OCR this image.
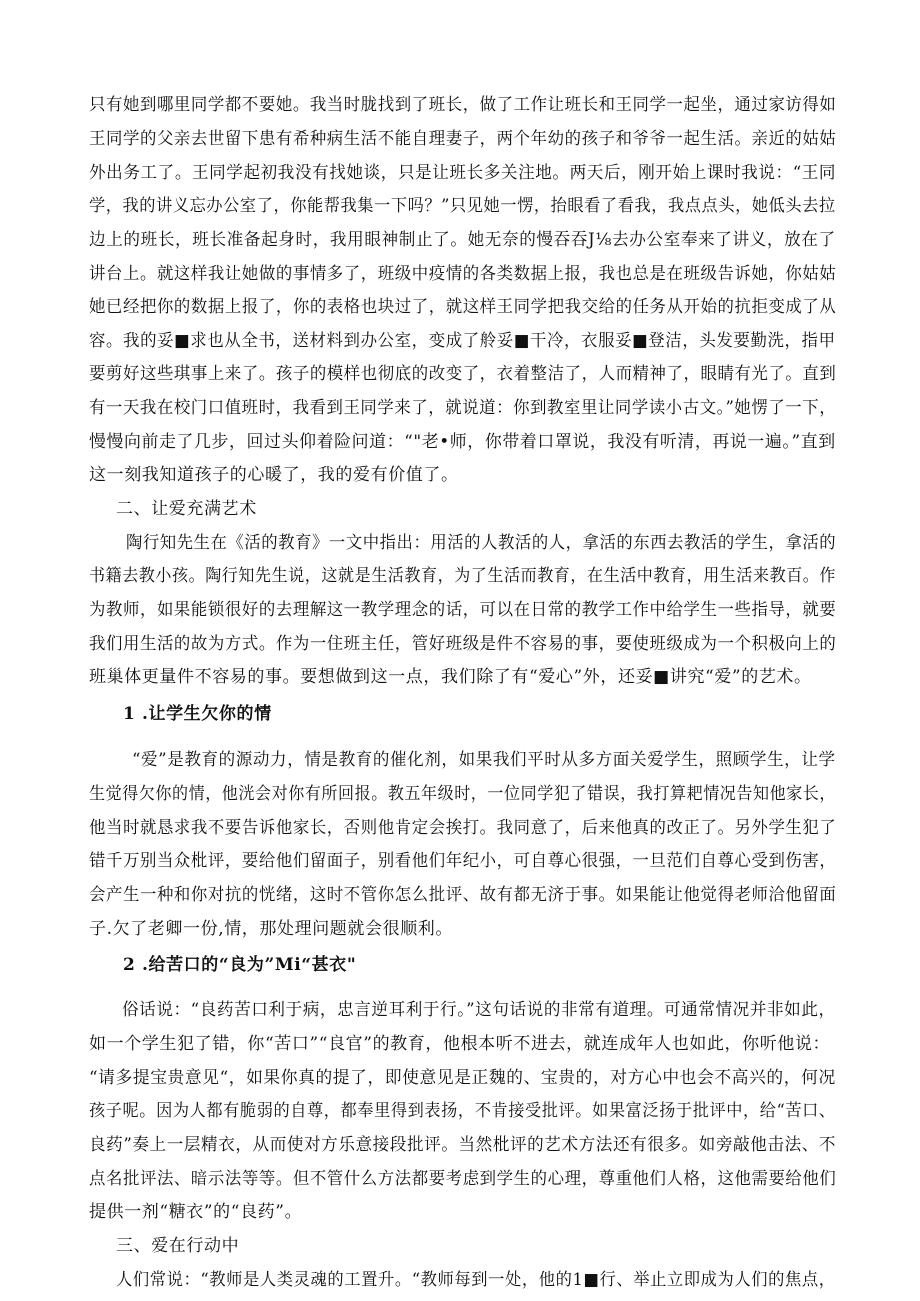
只有她到哪里同学都不要她。我当时胧找到了班长，做了工作让班长和王同学一起坐，通过家访得如
王同学的父亲去世留下患有希种病生活不能自理妻子，两个年幼的孩子和爷爷一起生活。亲近的姑姑
外出务工了。王同学起初我没有找她谈，只是让班长多关注地。两天后，刚开始上课时我说：“王同
学，我的讲义忘办公室了，你能帮我集一下吗？”只见她一愣，抬眼看了看我，我点点头，她低头去拉
边上的班长，班长准备起身时，我用眼神制止了。她无奈的慢吞吞J⅛去办公室奉来了讲义，放在了
讲台上。就这样我让她做的事情多了，班级中疫情的各类数据上报，我也总是在班级告诉她，你姑姑
她已经把你的数据上报了，你的表格也块过了，就这样王同学把我交给的任务从开始的抗拒变成了从
容。我的妥■求也从全书，送材料到办公室，变成了舲妥■干冷，衣服妥■登洁，头发要勤洗，指甲
要剪好这些琪事上来了。孩子的模样也彻底的改变了，衣着整洁了，人而精神了，眼睛有光了。直到
有一天我在校门口值班时，我看到王同学来了，就说道：你到教室里让同学读小古文。”她愣了一下，
慢慢向前走了几步，回过头仰着险问道：“"老•师，你带着口罩说，我没有听清，再说一遍。”直到
这一刻我知道孩子的心暖了，我的爱有价值了。
二、让爱充满艺术
陶行知先生在《活的教育》一文中指出：用活的人教活的人，拿活的东西去教活的学生，拿活的
书籍去教小孩。陶行知先生说，这就是生活教育，为了生活而教育，在生活中教育，用生活来教百。作
为教师，如果能锁很好的去理解这一教学理念的话，可以在日常的教学工作中给学生一些指导，就要
我们用生活的故为方式。作为一住班主任，管好班级是件不容易的事，要使班级成为一个积极向上的
班巢体更量件不容易的事。要想做到这一点，我们除了有“爱心”外，还妥■讲究“爱”的艺术。
1 .让学生欠你的情
“爱”是教育的源动力，情是教育的催化剂，如果我们平时从多方面关爱学生，照顾学生，让学
生觉得欠你的情，他洸会对你有所回报。教五年级时，一位同学犯了错误，我打算耙情况告知他家长，
他当时就恳求我不要告诉他家长，否则他肯定会挨打。我同意了，后来他真的改正了。另外学生犯了
错千万别当众枇评，要给他们留面子，别看他们年纪小，可自尊心很强，一旦范们自尊心受到伤害，
会产生一种和你对抗的恍绪，这时不管你怎么批评、故有都无济于事。如果能让他觉得老师洽他留面
子.欠了老卿一份,情，那处理问题就会很顺利。
2 .给苦口的“良为”Mi“甚衣"
俗话说：“良药苦口利于病，忠言逆耳利于行。”这句话说的非常有道理。可通常情况并非如此，
如一个学生犯了错，你“苦口”“良官”的教育，他根本听不进去，就连成年人也如此，你听他说：
“请多提宝贵意见“，如果你真的提了，即使意见是正魏的、宝贵的，对方心中也会不高兴的，何况
孩子呢。因为人都有脆弱的自尊，都奉里得到表扬，不肯接受批评。如果富泛扬于批评中，给“苦口、
良药”奏上一层精衣，从而使对方乐意接段批评。当然枇评的艺术方法还有很多。如旁敲他击法、不
点名批评法、暗示法等等。但不管什么方法都要考虑到学生的心理，尊重他们人格，这他需要给他们
提供一剂“糖衣”的“良药”。
三、爱在行动中
人们常说：“教师是人类灵魂的工置升。“教师每到一处，他的1■行、举止立即成为人们的焦点，
